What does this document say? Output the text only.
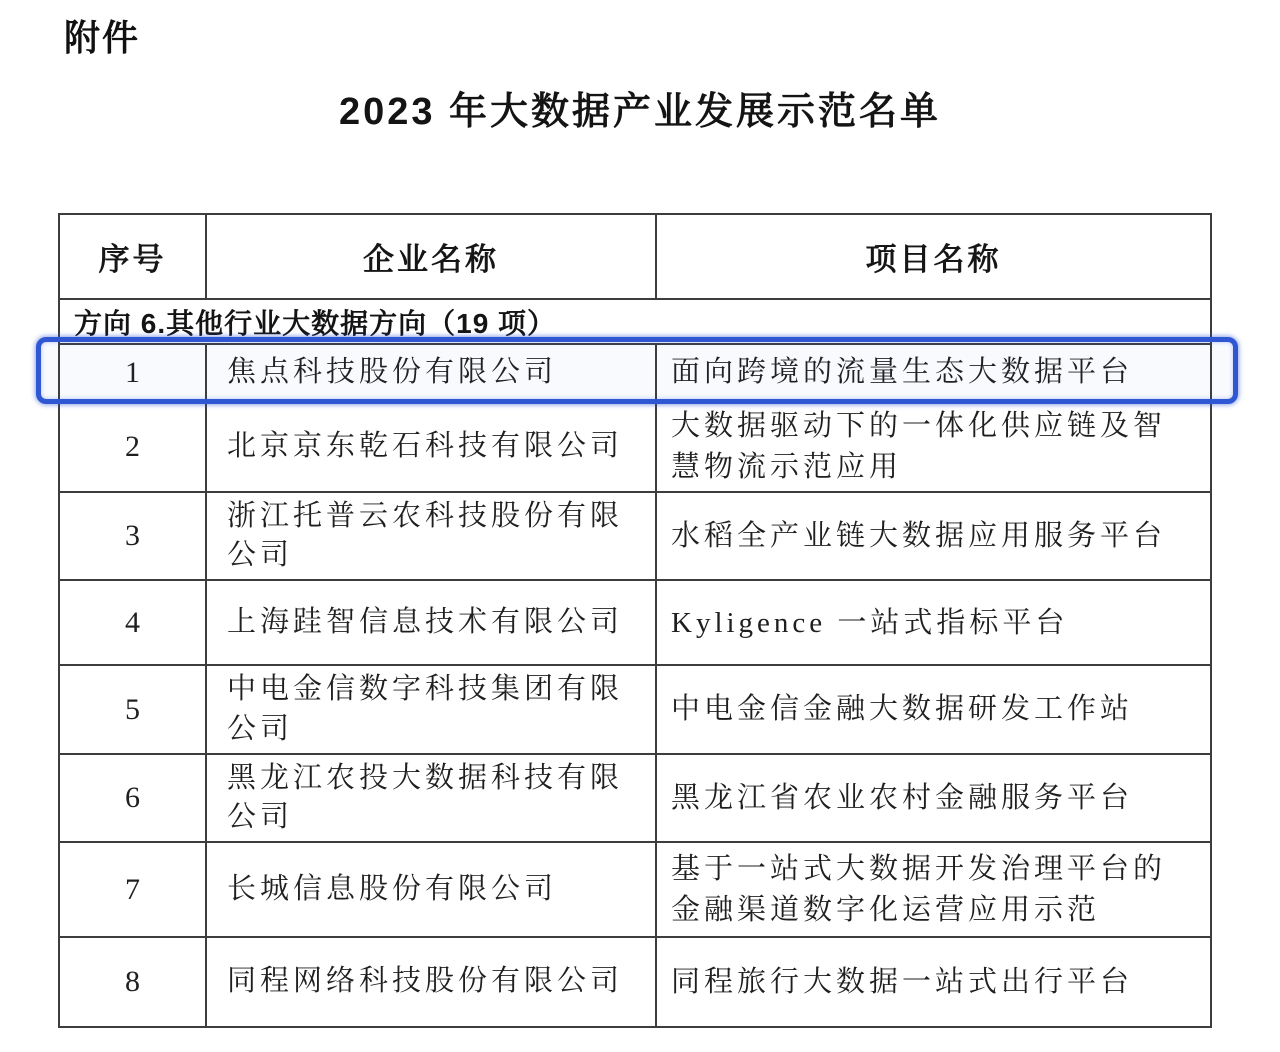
附件
2023 年大数据产业发展示范名单
序号	企业名称	项目名称
方向 6.其他行业大数据方向（19 项）		
1	焦点科技股份有限公司	面向跨境的流量生态大数据平台
2	北京京东乾石科技有限公司	大数据驱动下的一体化供应链及智慧物流示范应用
3	浙江托普云农科技股份有限公司	水稻全产业链大数据应用服务平台
4	上海跬智信息技术有限公司	Kyligence 一站式指标平台
5	中电金信数字科技集团有限公司	中电金信金融大数据研发工作站
6	黑龙江农投大数据科技有限公司	黑龙江省农业农村金融服务平台
7	长城信息股份有限公司	基于一站式大数据开发治理平台的金融渠道数字化运营应用示范
8	同程网络科技股份有限公司	同程旅行大数据一站式出行平台
